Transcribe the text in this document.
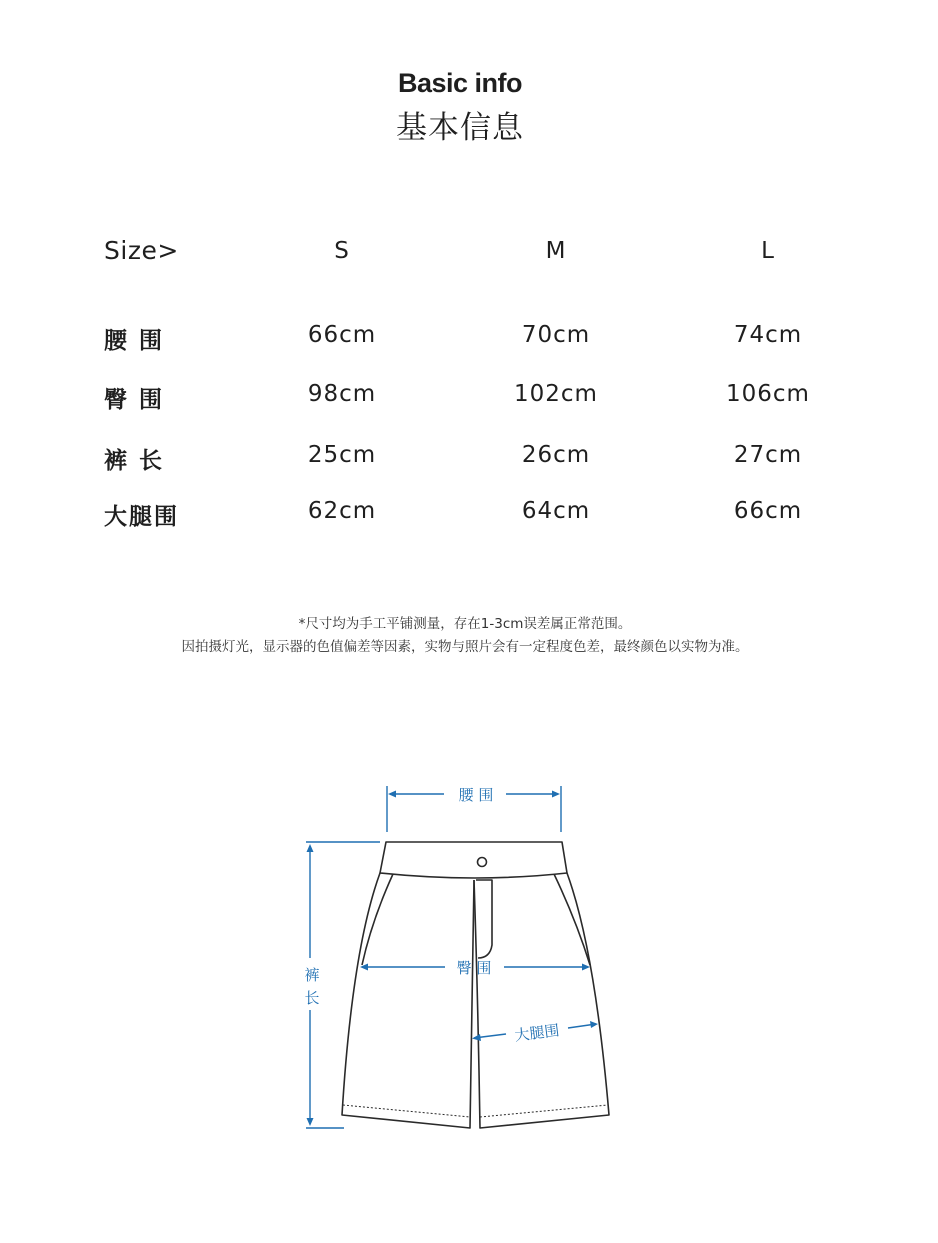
Basic info
基本信息
Size>	S	M	L
腰 围	66cm	70cm	74cm
臀 围	98cm	102cm	106cm
裤 长	25cm	26cm	27cm
大腿围	62cm	64cm	66cm
*尺寸均为手工平铺测量，存在1-3cm误差属正常范围。
因拍摄灯光，显示器的色值偏差等因素，实物与照片会有一定程度色差，最终颜色以实物为准。
腰 围
臀 围
裤
长
大腿围
